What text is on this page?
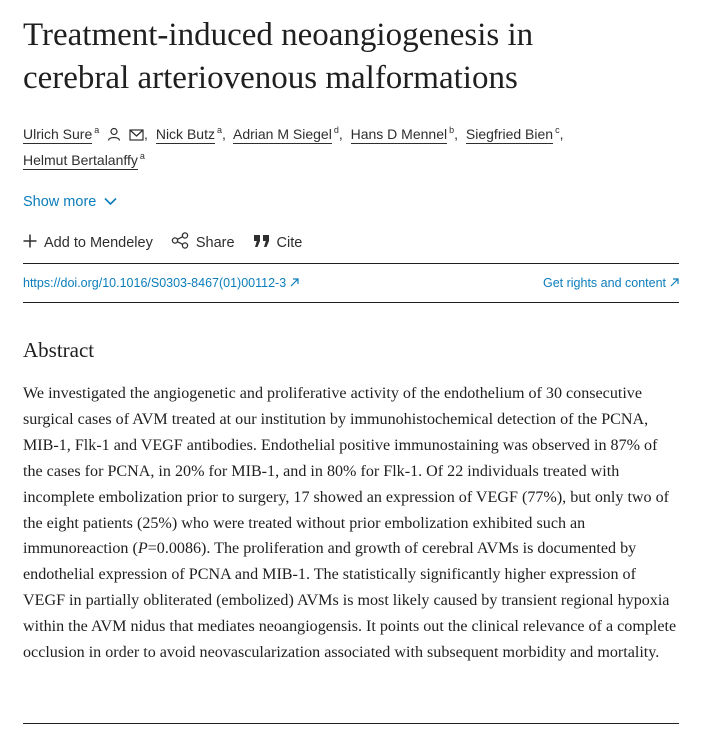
Treatment-induced neoangiogenesis in cerebral arteriovenous malformations
Ulrich Sure $^a$	, Nick Butz $^a$, Adrian M Siegel $^d$, Hans D Mennel $^b$, Siegfried Bien $^c$,
Helmut Bertalanffy $^a$
Show more
Add to Mendeley	Share	Cite
https://doi.org/10.1016/S0303-8467(01)00112-3	Get rights and content
Abstract
We investigated the angiogenetic and proliferative activity of the endothelium of 30 consecutive surgical cases of AVM treated at our institution by immunohistochemical detection of the PCNA, MIB-1, Flk-1 and VEGF antibodies. Endothelial positive immunostaining was observed in 87% of the cases for PCNA, in 20% for MIB-1, and in 80% for Flk-1. Of 22 individuals treated with incomplete embolization prior to surgery, 17 showed an expression of VEGF (77%), but only two of the eight patients (25%) who were treated without prior embolization exhibited such an immunoreaction (P=0.0086). The proliferation and growth of cerebral AVMs is documented by endothelial expression of PCNA and MIB-1. The statistically significantly higher expression of VEGF in partially obliterated (embolized) AVMs is most likely caused by transient regional hypoxia within the AVM nidus that mediates neoangiogensis. It points out the clinical relevance of a complete occlusion in order to avoid neovascularization associated with subsequent morbidity and mortality.
